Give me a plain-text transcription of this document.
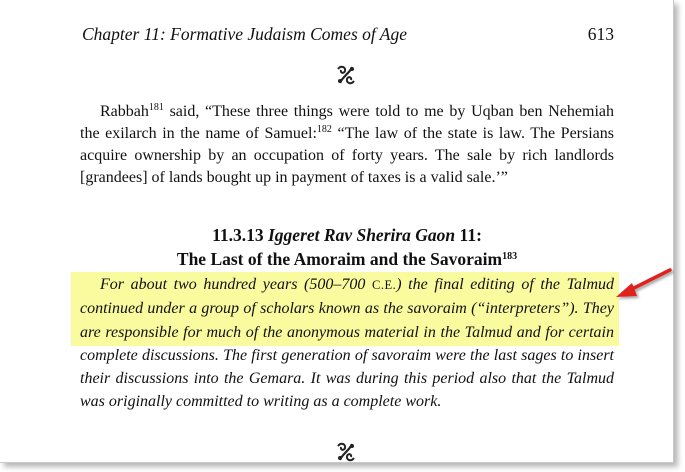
Chapter 11: Formative Judaism Comes of Age	613

Rabbah$^{181}$ said, “These three things were told to me by Uqban ben Nehemiah the exilarch in the name of Samuel:$^{182}$ “The law of the state is law. The Persians acquire ownership by an occupation of forty years. The sale by rich landlords [grandees] of lands bought up in payment of taxes is a valid sale.’”

11.3.13 Iggeret Rav Sherira Gaon 11:
The Last of the Amoraim and the Savoraim$^{183}$

For about two hundred years (500–700 C.E.) the final editing of the Talmud continued under a group of scholars known as the savoraim (“interpreters”). They are responsible for much of the anonymous material in the Talmud and for certain complete discussions. The first generation of savoraim were the last sages to insert their discussions into the Gemara. It was during this period also that the Talmud was originally committed to writing as a complete work.
